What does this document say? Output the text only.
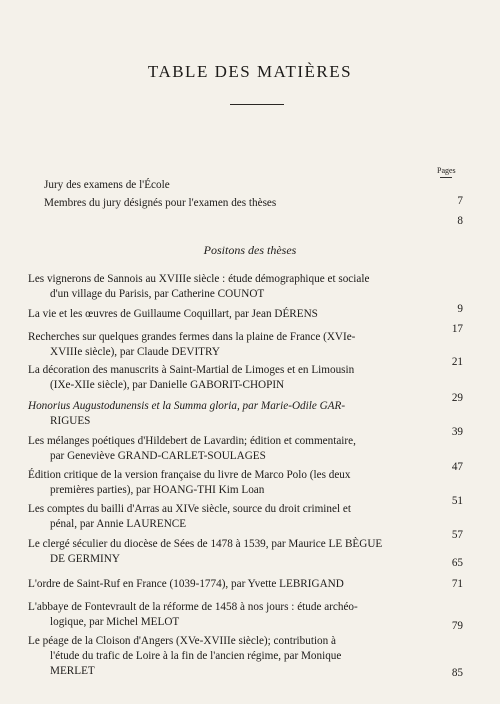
TABLE DES MATIÈRES
Pages
Jury des examens de l'École
7
Membres du jury désignés pour l'examen des thèses
8
Positons des thèses
Les vignerons de Sannois au XVIIIe siècle : étude démographique et sociale
d'un village du Parisis, par Catherine COUNOT
9
La vie et les œuvres de Guillaume Coquillart, par Jean DÉRENS
17
Recherches sur quelques grandes fermes dans la plaine de France (XVIe-
XVIIIe siècle), par Claude DEVITRY
21
La décoration des manuscrits à Saint-Martial de Limoges et en Limousin
(IXe-XIIe siècle), par Danielle GABORIT-CHOPIN
29
Honorius Augustodunensis et la Summa gloria, par Marie-Odile GAR-
RIGUES
39
Les mélanges poétiques d'Hildebert de Lavardin; édition et commentaire,
par Geneviève GRAND-CARLET-SOULAGES
47
Édition critique de la version française du livre de Marco Polo (les deux
premières parties), par HOANG-THI Kim Loan
51
Les comptes du bailli d'Arras au XIVe siècle, source du droit criminel et
pénal, par Annie LAURENCE
57
Le clergé séculier du diocèse de Sées de 1478 à 1539, par Maurice LE BÈGUE
DE GERMINY	65
L'ordre de Saint-Ruf en France (1039-1774), par Yvette LEBRIGAND	71
L'abbaye de Fontevrault de la réforme de 1458 à nos jours : étude archéo-
logique, par Michel MELOT	79
Le péage de la Cloison d'Angers (XVe-XVIIIe siècle); contribution à
l'étude du trafic de Loire à la fin de l'ancien régime, par Monique
MERLET	85
